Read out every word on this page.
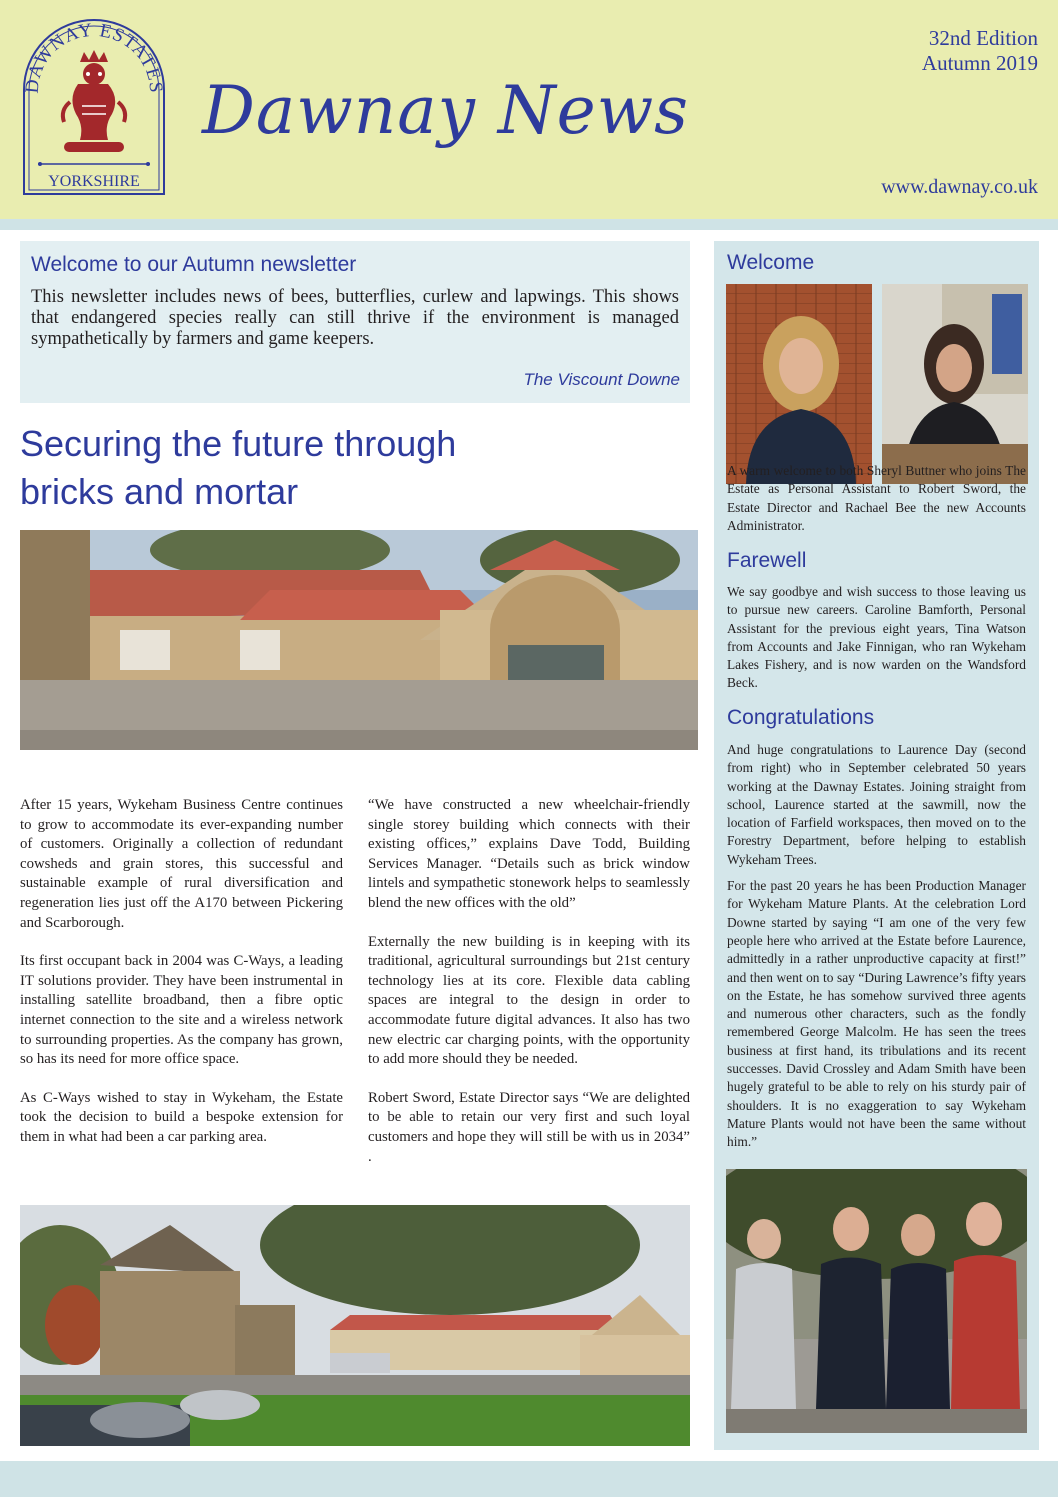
DAWNAY ESTATES
YORKSHIRE
Dawnay News
32nd Edition
Autumn 2019
www.dawnay.co.uk
Welcome to our Autumn newsletter
This newsletter includes news of bees, butterflies, curlew and lapwings. This shows that endangered species really can still thrive if the environment is managed sympathetically by farmers and game keepers.
The Viscount Downe
Securing the future through
bricks and mortar

After 15 years, Wykeham Business Centre continues to grow to accommodate its ever-expanding number of customers. Originally a collection of redundant cowsheds and grain stores, this successful and sustainable example of rural diversification and regeneration lies just off the A170 between Pickering and Scarborough.

Its first occupant back in 2004 was C-Ways, a leading IT solutions provider. They have been instrumental in installing satellite broadband, then a fibre optic internet connection to the site and a wireless network to surrounding properties. As the company has grown, so has its need for more office space.

As C-Ways wished to stay in Wykeham, the Estate took the decision to build a bespoke extension for them in what had been a car parking area.

“We have constructed a new wheelchair-friendly single storey building which connects with their existing offices,” explains Dave Todd, Building Services Manager. “Details such as brick window lintels and sympathetic stonework helps to seamlessly blend the new offices with the old”

Externally the new building is in keeping with its traditional, agricultural surroundings but 21st century technology lies at its core. Flexible data cabling spaces are integral to the design in order to accommodate future digital advances. It also has two new electric car charging points, with the opportunity to add more should they be needed.

Robert Sword, Estate Director says “We are delighted to be able to retain our very first and such loyal customers and hope they will still be with us in 2034” .

Welcome
A warm welcome to both Sheryl Buttner who joins The Estate as Personal Assistant to Robert Sword, the Estate Director and Rachael Bee the new Accounts Administrator.
Farewell
We say goodbye and wish success to those leaving us to pursue new careers. Caroline Bamforth, Personal Assistant for the previous eight years, Tina Watson from Accounts and Jake Finnigan, who ran Wykeham Lakes Fishery, and is now warden on the Wandsford Beck.
Congratulations

And huge congratulations to Laurence Day (second from right) who in September celebrated 50 years working at the Dawnay Estates. Joining straight from school, Laurence started at the sawmill, now the location of Farfield workspaces, then moved on to the Forestry Department, before helping to establish Wykeham Trees.

For the past 20 years he has been Production Manager for Wykeham Mature Plants. At the celebration Lord Downe started by saying “I am one of the very few people here who arrived at the Estate before Laurence, admittedly in a rather unproductive capacity at first!” and then went on to say “During Lawrence’s fifty years on the Estate, he has somehow survived three agents and numerous other characters, such as the fondly remembered George Malcolm. He has seen the trees business at first hand, its tribulations and its recent successes. David Crossley and Adam Smith have been hugely grateful to be able to rely on his sturdy pair of shoulders. It is no exaggeration to say Wykeham Mature Plants would not have been the same without him.”
